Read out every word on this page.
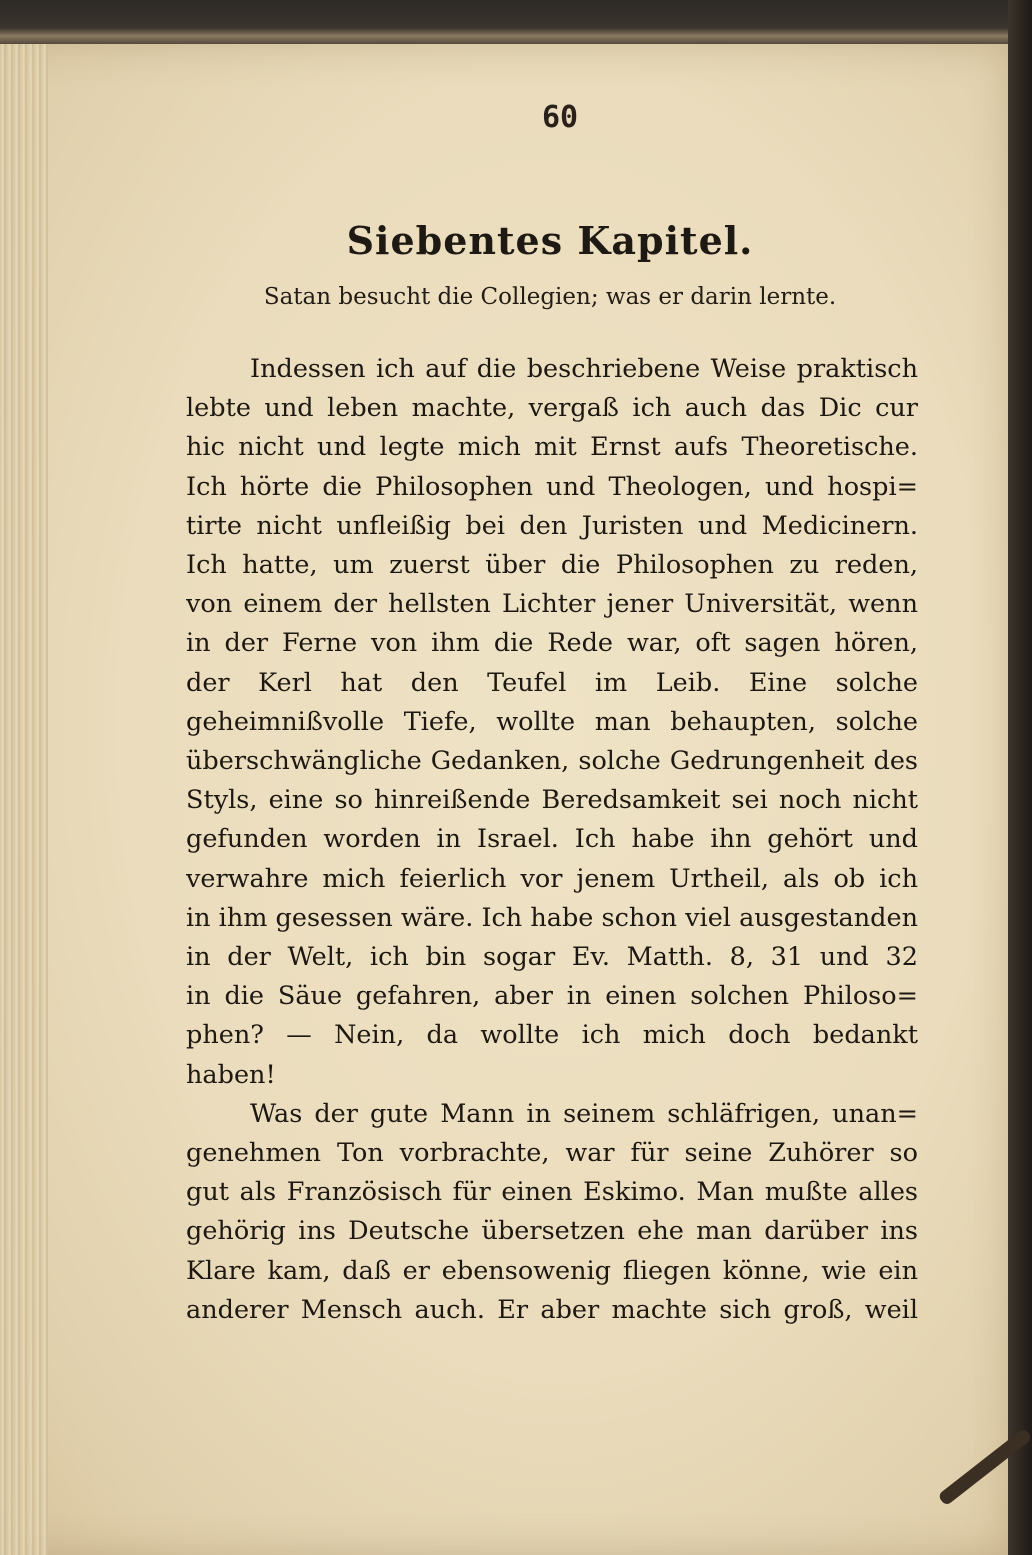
60
Siebentes Kapitel.
Satan besucht die Collegien; was er darin lernte.
Indessen ich auf die beschriebene Weise praktisch
lebte und leben machte, vergaß ich auch das Dic cur
hic nicht und legte mich mit Ernst aufs Theoretische.
Ich hörte die Philosophen und Theologen, und hospi=
tirte nicht unfleißig bei den Juristen und Medicinern.
Ich hatte, um zuerst über die Philosophen zu reden,
von einem der hellsten Lichter jener Universität, wenn
in der Ferne von ihm die Rede war, oft sagen hören,
der Kerl hat den Teufel im Leib. Eine solche
geheimnißvolle Tiefe, wollte man behaupten, solche
überschwängliche Gedanken, solche Gedrungenheit des
Styls, eine so hinreißende Beredsamkeit sei noch nicht
gefunden worden in Israel. Ich habe ihn gehört und
verwahre mich feierlich vor jenem Urtheil, als ob ich
in ihm gesessen wäre. Ich habe schon viel ausgestanden
in der Welt, ich bin sogar Ev. Matth. 8, 31 und 32
in die Säue gefahren, aber in einen solchen Philoso=
phen? — Nein, da wollte ich mich doch bedankt
haben!
Was der gute Mann in seinem schläfrigen, unan=
genehmen Ton vorbrachte, war für seine Zuhörer so
gut als Französisch für einen Eskimo. Man mußte alles
gehörig ins Deutsche übersetzen ehe man darüber ins
Klare kam, daß er ebensowenig fliegen könne, wie ein
anderer Mensch auch. Er aber machte sich groß, weil
